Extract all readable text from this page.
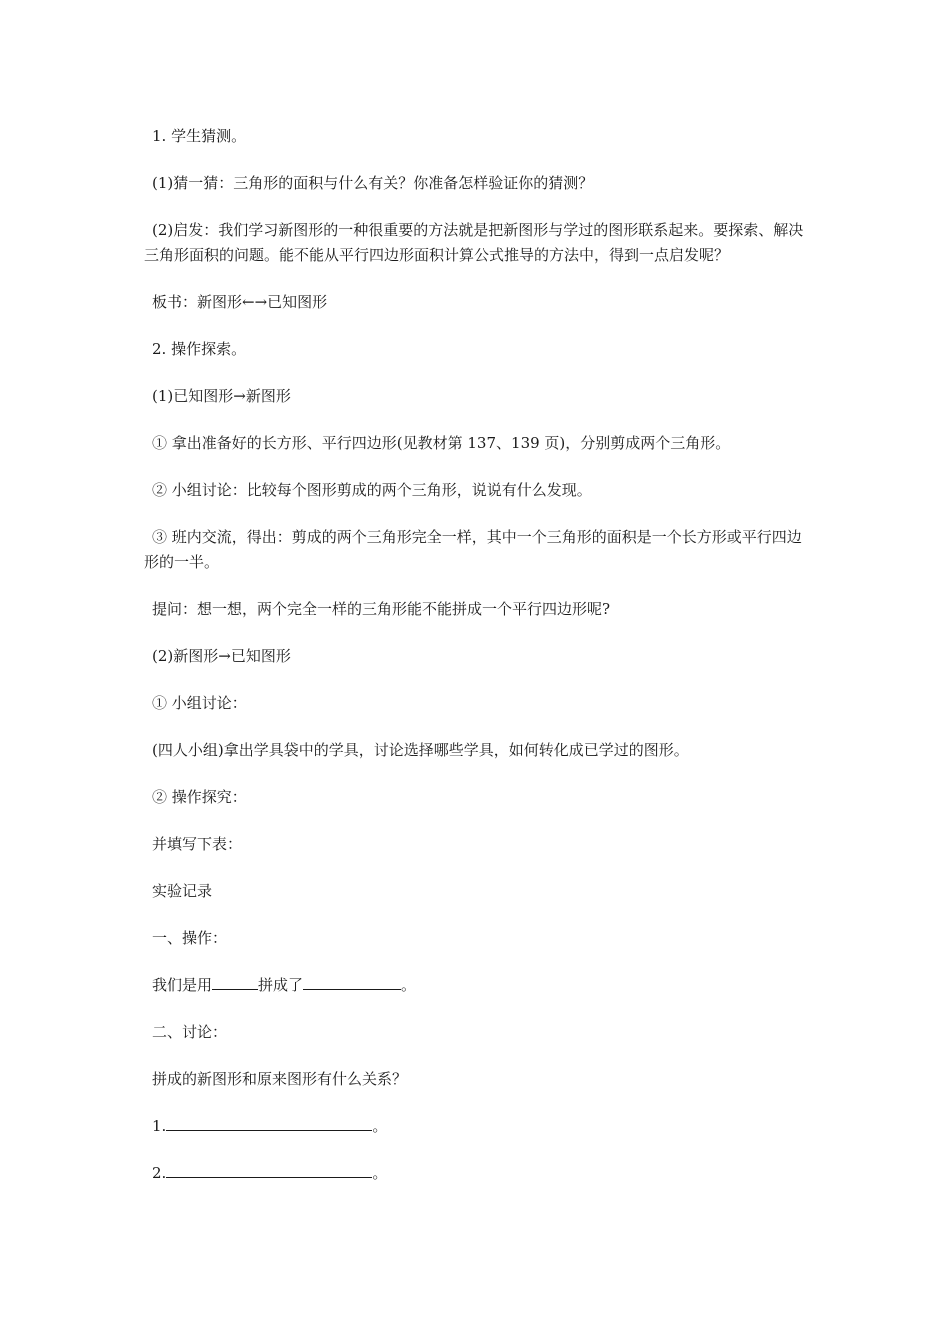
1. 学生猜测。

(1)猜一猜：三角形的面积与什么有关？你准备怎样验证你的猜测？

(2)启发：我们学习新图形的一种很重要的方法就是把新图形与学过的图形联系起来。要探索、解决三角形面积的问题。能不能从平行四边形面积计算公式推导的方法中，得到一点启发呢？

板书：新图形←→已知图形

2. 操作探索。

(1)已知图形→新图形

① 拿出准备好的长方形、平行四边形(见教材第 137、139 页)，分别剪成两个三角形。

② 小组讨论：比较每个图形剪成的两个三角形，说说有什么发现。

③ 班内交流，得出：剪成的两个三角形完全一样，其中一个三角形的面积是一个长方形或平行四边形的一半。

提问：想一想，两个完全一样的三角形能不能拼成一个平行四边形呢?

(2)新图形→已知图形

① 小组讨论：

(四人小组)拿出学具袋中的学具，讨论选择哪些学具，如何转化成已学过的图形。

② 操作探究：

并填写下表：

实验记录

一、操作：

我们是用	拼成了	。

二、讨论：

拼成的新图形和原来图形有什么关系？

1.	。

2.	。
